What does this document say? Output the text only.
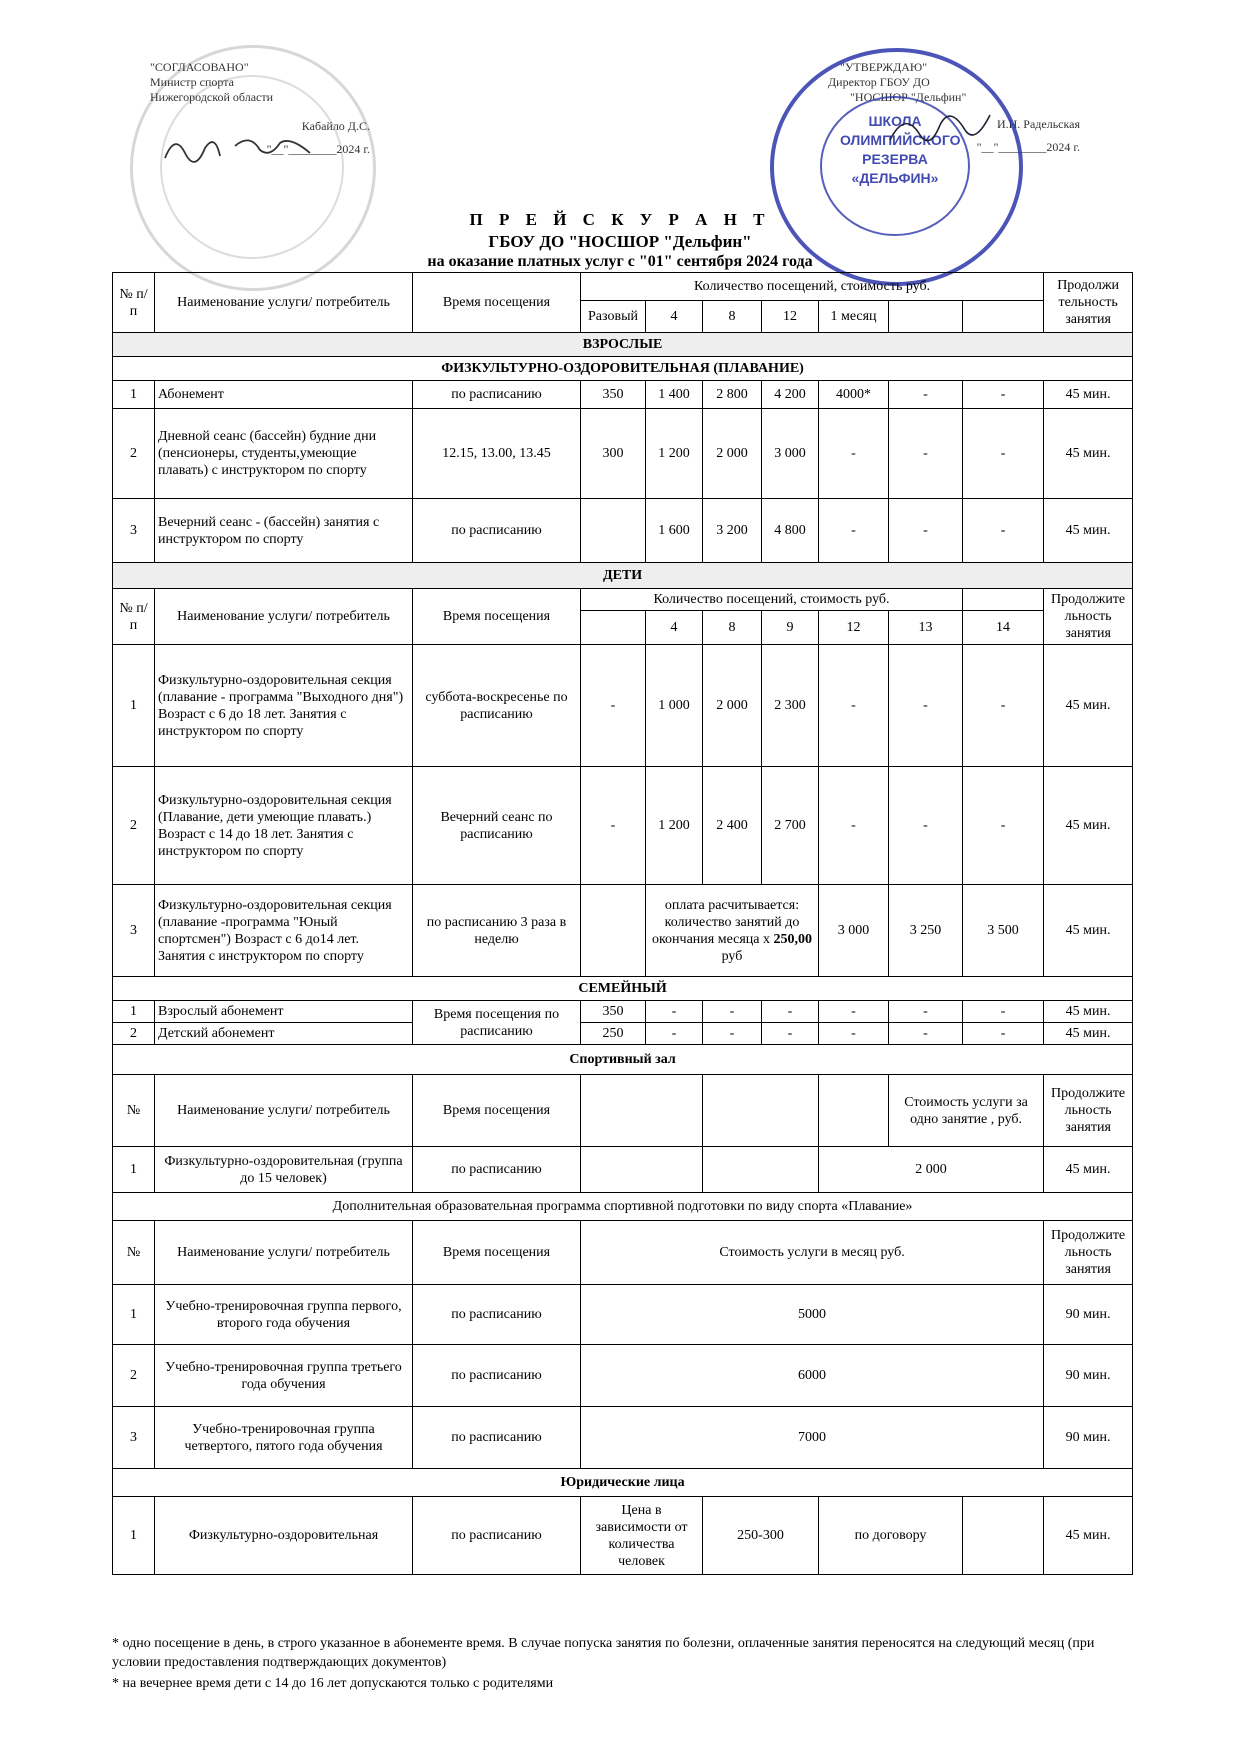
"СОГЛАСОВАНО"
Министр спорта
Нижегородской области
Кабайло Д.С.
"__"________2024 г.
"УТВЕРЖДАЮ"
Директор ГБОУ ДО
"НОСШОР "Дельфин"
И.Н. Радельская
"__"________2024 г.
ШКОЛА ОЛИМПИЙСКОГО РЕЗЕРВА «ДЕЛЬФИН»
П Р Е Й С К У Р А Н Т
ГБОУ ДО "НОСШОР "Дельфин"
на оказание платных услуг с "01" сентября 2024 года
№ п/п	Наименование услуги/ потребитель	Время посещения	Количество посещений, стоимость руб.							Продолжи тельность занятия
			Разовый	4	8	12	1 месяц			
ВЗРОСЛЫЕ										
ФИЗКУЛЬТУРНО-ОЗДОРОВИТЕЛЬНАЯ (ПЛАВАНИЕ)										
1	Абонемент	по расписанию	350	1 400	2 800	4 200	4000*	-	-	45 мин.
2	Дневной сеанс (бассейн) будние дни (пенсионеры, студенты,умеющие плавать) с инструктором по спорту	12.15, 13.00, 13.45	300	1 200	2 000	3 000	-	-	-	45 мин.
3	Вечерний сеанс - (бассейн) занятия с инструктором по спорту	по расписанию		1 600	3 200	4 800	-	-	-	45 мин.
ДЕТИ										
№ п/п	Наименование услуги/ потребитель	Время посещения	Количество посещений, стоимость руб.							Продолжите льность занятия
				4	8	9	12	13	14	
1	Физкультурно-оздоровительная секция (плавание - программа "Выходного дня") Возраст с 6 до 18 лет. Занятия с инструктором по спорту	суббота-воскресенье по расписанию	-	1 000	2 000	2 300	-	-	-	45 мин.
2	Физкультурно-оздоровительная секция (Плавание, дети умеющие плавать.) Возраст с 14 до 18 лет. Занятия с инструктором по спорту	Вечерний сеанс по расписанию	-	1 200	2 400	2 700	-	-	-	45 мин.
3	Физкультурно-оздоровительная секция (плавание -программа "Юный спортсмен") Возраст с 6 до14 лет. Занятия с инструктором по спорту	по расписанию 3 раза в неделю		оплата расчитывается: количество занятий до окончания месяца х 250,00 руб			3 000	3 250	3 500	45 мин.
СЕМЕЙНЫЙ										
1	Взрослый абонемент	Время посещения по расписанию	350	-	-	-	-	-	-	45 мин.
2	Детский абонемент		250	-	-	-	-	-	-	45 мин.
Спортивный зал										
№	Наименование услуги/ потребитель	Время посещения						Стоимость услуги за одно занятие , руб.		Продолжите льность занятия
1	Физкультурно-оздоровительная (группа до 15 человек)	по расписанию					2 000			45 мин.
Дополнительная образовательная программа спортивной подготовки по виду спорта «Плавание»										
№	Наименование услуги/ потребитель	Время посещения	Стоимость услуги в месяц руб.							Продолжите льность занятия
1	Учебно-тренировочная группа первого, второго года обучения	по расписанию	5000							90 мин.
2	Учебно-тренировочная группа третьего года обучения	по расписанию	6000							90 мин.
3	Учебно-тренировочная группа четвертого, пятого года обучения	по расписанию	7000							90 мин.
Юридические лица										
1	Физкультурно-оздоровительная	по расписанию	Цена в зависимости от количества человек		250-300		по договору			45 мин.
* одно посещение в день, в строго указанное в абонементе время. В случае попуска занятия по болезни, оплаченные занятия переносятся на следующий месяц (при условии предоставления подтверждающих документов)
* на вечернее время дети с 14 до 16 лет допускаются только с родителями
